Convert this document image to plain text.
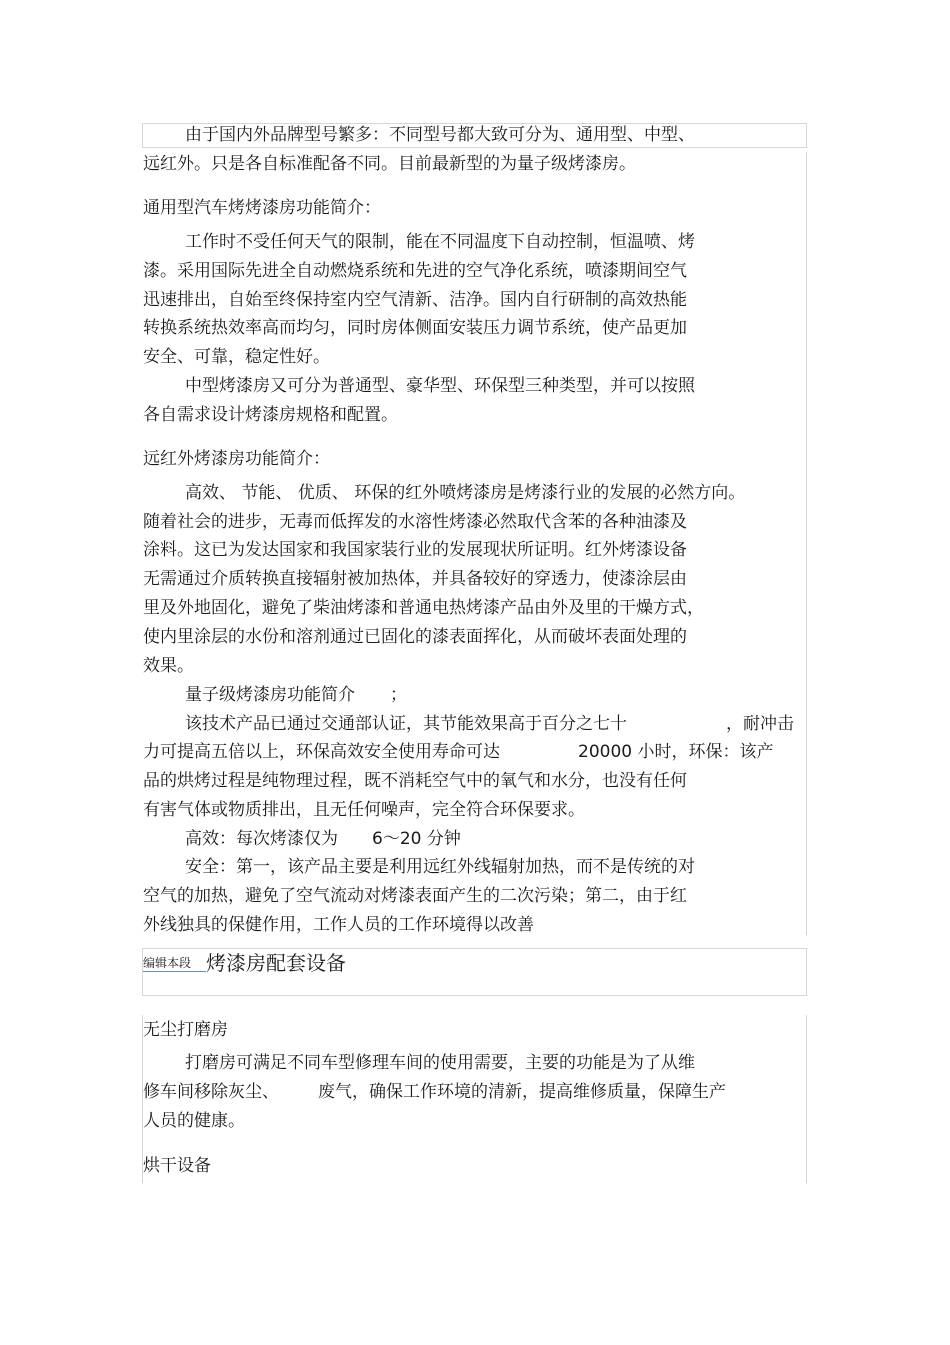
由于国内外品牌型号繁多：不同型号都大致可分为、通用型、中型、
远红外。只是各自标准配备不同。目前最新型的为量子级烤漆房。
通用型汽车烤烤漆房功能简介：
工作时不受任何天气的限制，能在不同温度下自动控制，恒温喷、烤
漆。采用国际先进全自动燃烧系统和先进的空气净化系统，喷漆期间空气
迅速排出，自始至终保持室内空气清新、洁净。国内自行研制的高效热能
转换系统热效率高而均匀，同时房体侧面安装压力调节系统，使产品更加
安全、可靠，稳定性好。
中型烤漆房又可分为普通型、豪华型、环保型三种类型，并可以按照
各自需求设计烤漆房规格和配置。
远红外烤漆房功能简介：
高效、 节能、 优质、 环保的红外喷烤漆房是烤漆行业的发展的必然方向。
随着社会的进步，无毒而低挥发的水溶性烤漆必然取代含苯的各种油漆及
涂料。这已为发达国家和我国家装行业的发展现状所证明。红外烤漆设备
无需通过介质转换直接辐射被加热体，并具备较好的穿透力，使漆涂层由
里及外地固化，避免了柴油烤漆和普通电热烤漆产品由外及里的干燥方式，
使内里涂层的水份和溶剂通过已固化的漆表面挥化，从而破坏表面处理的
效果。
量子级烤漆房功能简介 ；
该技术产品已通过交通部认证，其节能效果高于百分之七十	，耐冲击
力可提高五倍以上，环保高效安全使用寿命可达	20000 小时，环保：该产
品的烘烤过程是纯物理过程，既不消耗空气中的氧气和水分，也没有任何
有害气体或物质排出，且无任何噪声，完全符合环保要求。
高效：每次烤漆仅为 6～20 分钟
安全：第一，该产品主要是利用远红外线辐射加热，而不是传统的对
空气的加热，避免了空气流动对烤漆表面产生的二次污染；第二，由于红
外线独具的保健作用，工作人员的工作环境得以改善
编辑本段 烤漆房配套设备
无尘打磨房
打磨房可满足不同车型修理车间的使用需要，主要的功能是为了从维
修车间移除灰尘、 废气，确保工作环境的清新，提高维修质量，保障生产
人员的健康。
烘干设备
